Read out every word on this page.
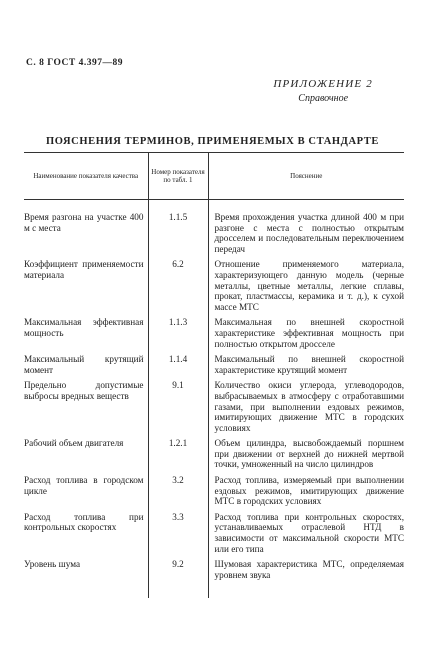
С. 8 ГОСТ 4.397—89
ПРИЛОЖЕНИЕ 2
Справочное
ПОЯСНЕНИЯ ТЕРМИНОВ, ПРИМЕНЯЕМЫХ В СТАНДАРТЕ
Наименование показателя качества	Номер показателя по табл. 1	Пояснение
Время разгона на участке 400 м с места	1.1.5	Время прохождения участка длиной 400 м при разгоне с места с полностью открытым дросселем и последовательным переключением передач
Коэффициент применяемости материала	6.2	Отношение применяемого материала, характеризующего данную модель (черные металлы, цветные металлы, легкие сплавы, прокат, пластмассы, керамика и т. д.), к сухой массе МТС
Максимальная эффективная мощность	1.1.3	Максимальная по внешней скоростной характеристике эффективная мощность при полностью открытом дросселе
Максимальный крутящий момент	1.1.4	Максимальный по внешней скоростной характеристике крутящий момент
Предельно допустимые выбросы вредных веществ	9.1	Количество окиси углерода, углеводородов, выбрасываемых в атмосферу с отработавшими газами, при выполнении ездовых режимов, имитирующих движение МТС в городских условиях
Рабочий объем двигателя	1.2.1	Объем цилиндра, высвобождаемый поршнем при движении от верхней до нижней мертвой точки, умноженный на число цилиндров
Расход топлива в городском цикле	3.2	Расход топлива, измеряемый при выполнении ездовых режимов, имитирующих движение МТС в городских условиях
Расход топлива при контрольных скоростях	3.3	Расход топлива при контрольных скоростях, устанавливаемых отраслевой НТД в зависимости от максимальной скорости МТС или его типа
Уровень шума	9.2	Шумовая характеристика МТС, определяемая уровнем звука
